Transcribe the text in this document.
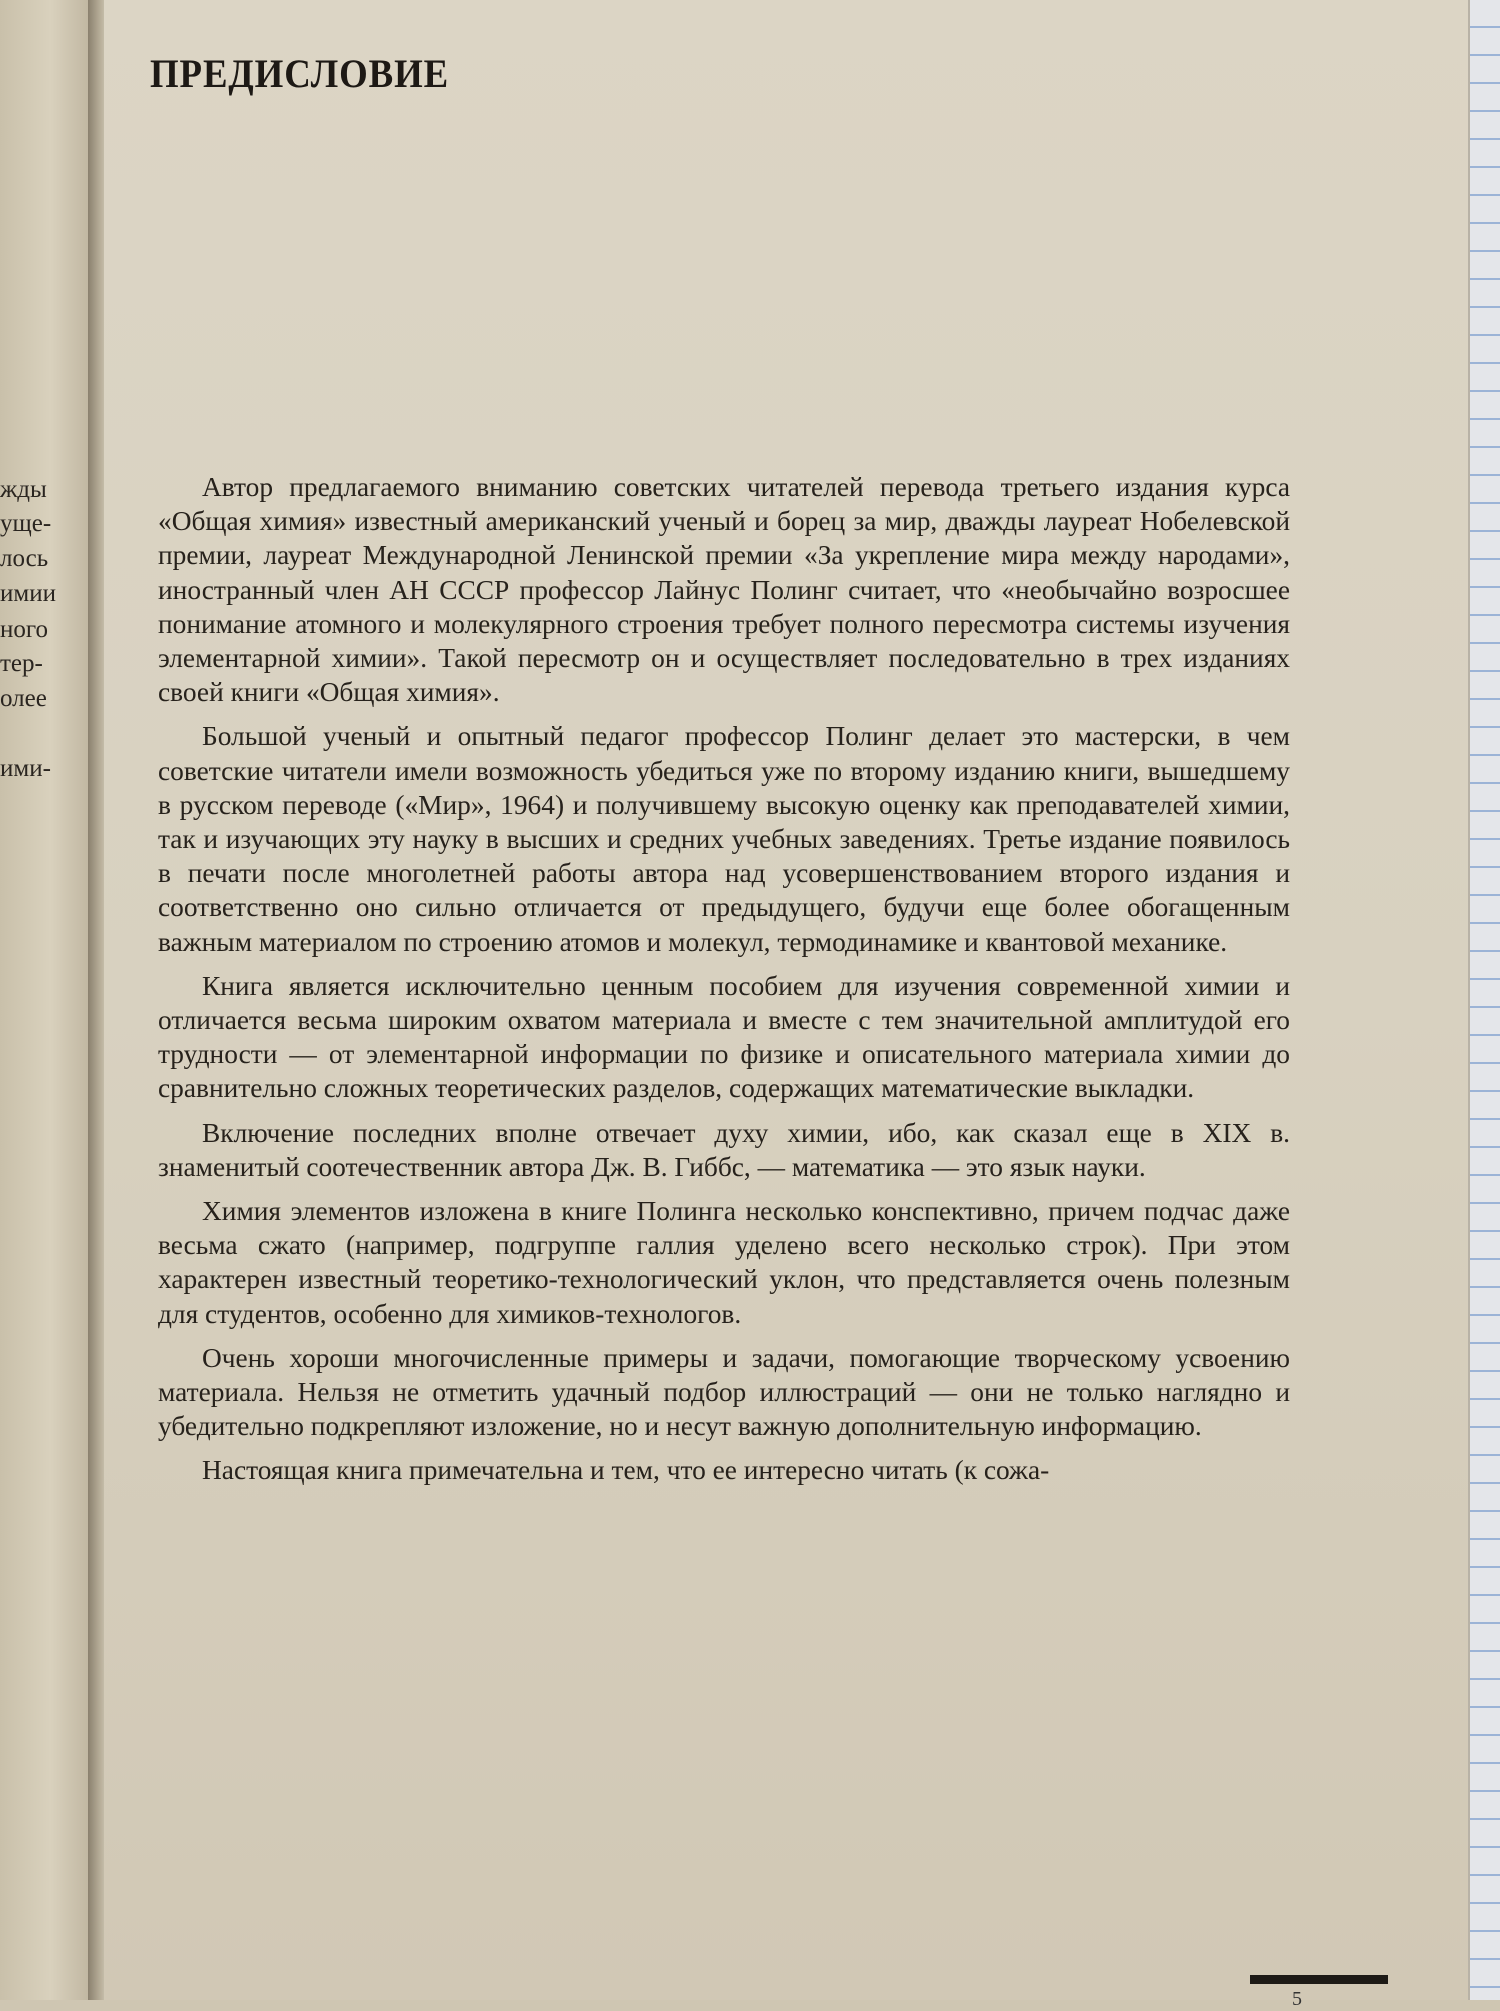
жды
уще-
лось
имии
ного
тер-
олее
ими-
ПРЕДИСЛОВИЕ

Автор предлагаемого вниманию советских читателей перевода третьего издания курса «Общая химия» известный американский ученый и борец за мир, дважды лауреат Нобелевской премии, лауреат Международной Ленинской премии «За укрепление мира между народами», иностранный член АН СССР профессор Лайнус Полинг считает, что «необычайно возросшее понимание атомного и молекулярного строения требует полного пересмотра системы изучения элементарной химии». Такой пересмотр он и осуществляет последовательно в трех изданиях своей книги «Общая химия».

Большой ученый и опытный педагог профессор Полинг делает это мастерски, в чем советские читатели имели возможность убедиться уже по второму изданию книги, вышедшему в русском переводе («Мир», 1964) и получившему высокую оценку как преподавателей химии, так и изучающих эту науку в высших и средних учебных заведениях. Третье издание появилось в печати после многолетней работы автора над усовершенствованием второго издания и соответственно оно сильно отличается от предыдущего, будучи еще более обогащенным важным материалом по строению атомов и молекул, термодинамике и квантовой механике.

Книга является исключительно ценным пособием для изучения современной химии и отличается весьма широким охватом материала и вместе с тем значительной амплитудой его трудности — от элементарной информации по физике и описательного материала химии до сравнительно сложных теоретических разделов, содержащих математические выкладки.

Включение последних вполне отвечает духу химии, ибо, как сказал еще в XIX в. знаменитый соотечественник автора Дж. В. Гиббс, — математика — это язык науки.

Химия элементов изложена в книге Полинга несколько конспективно, причем подчас даже весьма сжато (например, подгруппе галлия уделено всего несколько строк). При этом характерен известный теоретико-технологический уклон, что представляется очень полезным для студентов, особенно для химиков-технологов.

Очень хороши многочисленные примеры и задачи, помогающие творческому усвоению материала. Нельзя не отметить удачный подбор иллюстраций — они не только наглядно и убедительно подкрепляют изложение, но и несут важную дополнительную информацию.

Настоящая книга примечательна и тем, что ее интересно читать (к сожа-

5
